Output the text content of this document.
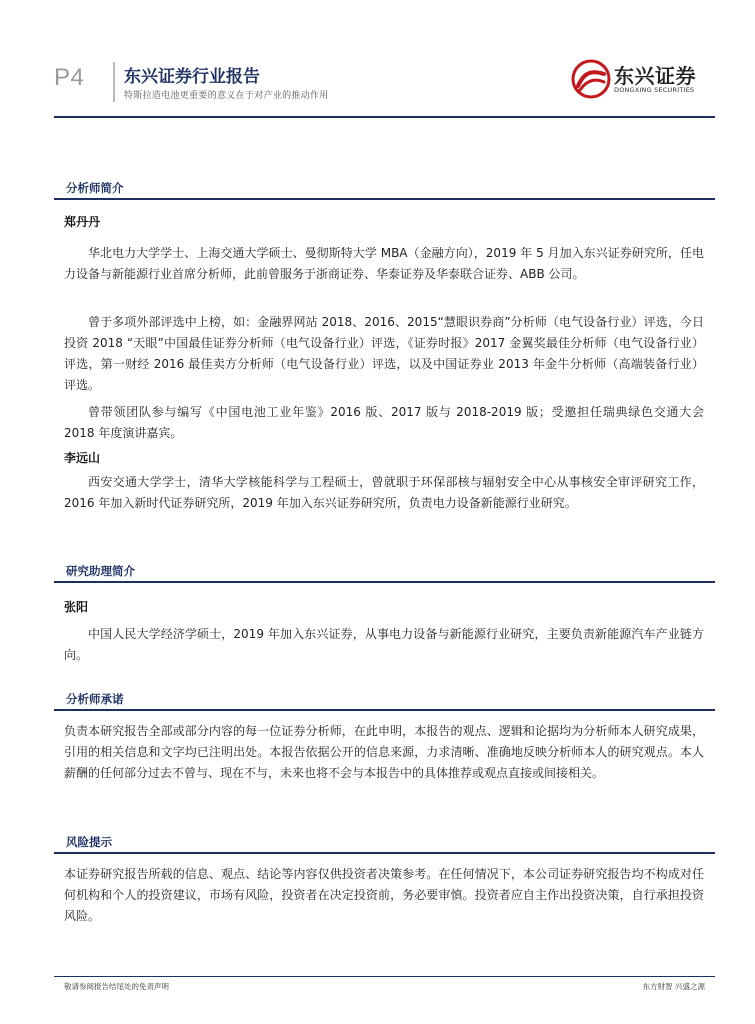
P4 东兴证券行业报告
特斯拉造电池更重要的意义在于对产业的推动作用
东兴证券
DONGXING SECURITIES
分析师简介
郑丹丹
华北电力大学学士、上海交通大学硕士、曼彻斯特大学 MBA（金融方向），2019 年 5 月加入东兴证券研究所，任电力设备与新能源行业首席分析师，此前曾服务于浙商证券、华泰证券及华泰联合证券、ABB 公司。
曾于多项外部评选中上榜，如：金融界网站 2018、2016、2015“慧眼识券商”分析师（电气设备行业）评选，今日投资 2018 “天眼”中国最佳证券分析师（电气设备行业）评选，《证券时报》2017 金翼奖最佳分析师（电气设备行业）评选，第一财经 2016 最佳卖方分析师（电气设备行业）评选，以及中国证券业 2013 年金牛分析师（高端装备行业）评选。
曾带领团队参与编写《中国电池工业年鉴》2016 版、2017 版与 2018-2019 版；受邀担任瑞典绿色交通大会 2018 年度演讲嘉宾。
李远山
西安交通大学学士，清华大学核能科学与工程硕士，曾就职于环保部核与辐射安全中心从事核安全审评研究工作，2016 年加入新时代证券研究所，2019 年加入东兴证券研究所，负责电力设备新能源行业研究。
研究助理简介
张阳
中国人民大学经济学硕士，2019 年加入东兴证券，从事电力设备与新能源行业研究，主要负责新能源汽车产业链方向。
分析师承诺
负责本研究报告全部或部分内容的每一位证券分析师，在此申明，本报告的观点、逻辑和论据均为分析师本人研究成果，引用的相关信息和文字均已注明出处。本报告依据公开的信息来源，力求清晰、准确地反映分析师本人的研究观点。本人薪酬的任何部分过去不曾与、现在不与，未来也将不会与本报告中的具体推荐或观点直接或间接相关。
风险提示
本证券研究报告所载的信息、观点、结论等内容仅供投资者决策参考。在任何情况下，本公司证券研究报告均不构成对任何机构和个人的投资建议，市场有风险，投资者在决定投资前，务必要审慎。投资者应自主作出投资决策，自行承担投资风险。
敬请参阅报告结尾处的免责声明	东方财智 兴盛之源
